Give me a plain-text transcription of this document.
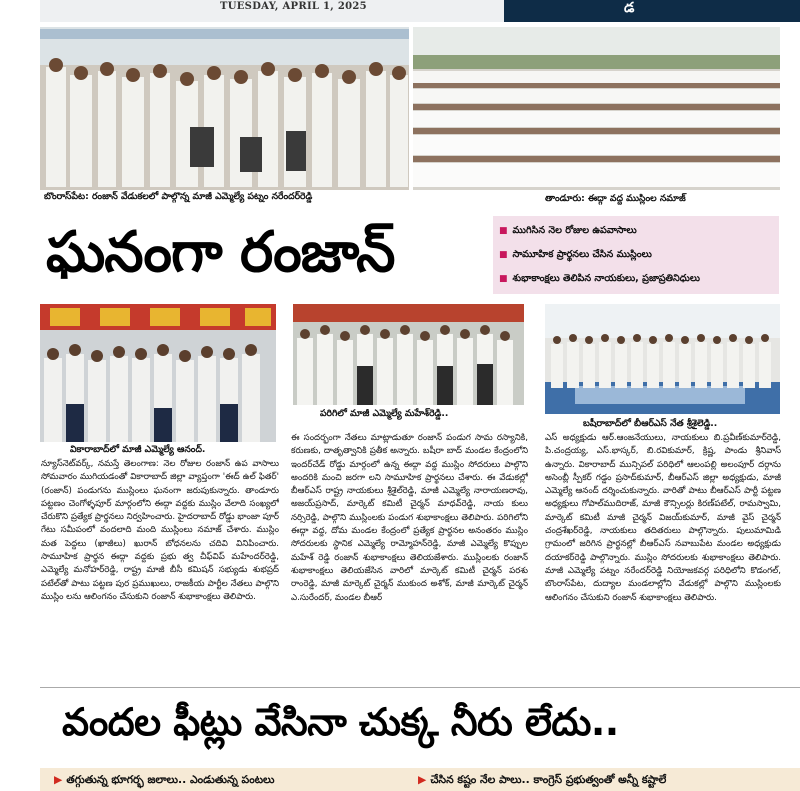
TUESDAY, APRIL 1, 2025	డ
బొంరాస్‌పేట: రంజాన్ వేడుకలలో పాల్గొన్న మాజీ ఎమ్మెల్యే పట్నం నరేందర్‌రెడ్డి	తాండూరు: ఈద్గా వద్ద ముస్లింల నమాజ్
ఘనంగా రంజాన్
■	ముగిసిన నెల రోజుల ఉపవాసాలు
■ సామూహిక ప్రార్థనలు చేసిన ముస్లింలు
■ శుభాకాంక్షలు తెలిపిన నాయకులు, ప్రజాప్రతినిధులు
వికారాబాద్‌లో మాజీ ఎమ్మెల్యే ఆనంద్.
పరిగిలో మాజీ ఎమ్మెల్యే మహేశ్‌రెడ్డి..
బషీరాబాద్‌లో బీఆర్‌ఎస్ నేత శ్రీశైలెడ్డి..
న్యూస్‌నెట్‌వర్క్, నమస్తే తెలంగాణ: నెల రోజుల రంజాన్ ఉప వాసాలు సోమవారం ముగియడంతో వికారాబాద్ జిల్లా వ్యాప్తంగా 'ఈద్ ఉల్ ఫితర్' (రంజాన్) పండుగను ముస్లింలు ఘనంగా జరుపుకున్నారు. తాండూరు పట్టణం చెంగోళ్ళపూర్ మార్గంలోని ఈద్గా వద్దకు ముస్లిం వేలాది సంఖ్యలో చేరుకొని ప్రత్యేక ప్రార్థనలు నిర్వహించారు. హైదరాబాద్ రోడ్డు భాంజా పూర్ గేటు సమీపంలో వందలాది మంది ముస్లింలు నమాజ్ చేశారు. ముస్లిం మత పెద్దలు (ఖాజీలు) ఖురాన్ బోధనలను చదివి వినిపించారు. సామూహిక ప్రార్థన ఈద్గా వద్దకు ప్రభు త్వ చీఫ్‌విప్ మహేందర్‌రెడ్డి, ఎమ్మెల్యే మనోహర్‌రెడ్డి, రాష్ట్ర మాజీ బీసీ కమిషన్ సభ్యుడు శుభప్రద్ పటేల్‌తో పాటు పట్టణ పుర ప్రముఖులు, రాజకీయ పార్టీల నేతలు పాల్గొని ముస్లిం లను ఆలింగనం చేసుకుని రంజాన్ శుభాకాంక్షలు తెలిపారు.
ఈ సందర్భంగా నేతలు మాట్లాడుతూ రంజాన్ పండుగ సామ రస్యానికి, కరుణకు, దాతృత్వానికి ప్రతీక అన్నారు. బషీరా బాద్ మండల కేంద్రంలోని ఇందర్‌చేడ్ రోడ్డు మార్గంలో ఉన్న ఈద్గా వద్ద ముస్లిం సోదరులు పాల్గొని అందరికి మంచి జరగా లని సామూహిక ప్రార్థనలు చేశారు. ఈ వేడుకల్లో బీఆర్‌ఎస్ రాష్ట్ర నాయకులు శ్రీశైల్‌రెడ్డి, మాజీ ఎమ్మెల్యే నారాయణరావు, అజయ్‌ప్రసాద్, మార్కెట్ కమిటీ చైర్మన్ మాధవ్‌రెడ్డి, నాయ కులు నర్సిరెడ్డి, పాల్గొని ముస్లింలకు పండుగ శుభాకాంక్షలు తెలిపారు. పరిగిలోని ఈద్గా వద్ద, దోమ మండల కేంద్రంలో ప్రత్యేక ప్రార్థనల అనంతరం ముస్లిం సోదరులకు స్థానిక ఎమ్మెల్యే రామ్మోహన్‌రెడ్డి, మాజీ ఎమ్మెల్యే కొప్పుల మహేశ్ రెడ్డి రంజాన్ శుభాకాంక్షలు తెలియజేశారు. ముస్లింలకు రంజాన్ శుభాకాంక్షలు తెలియజేసిన వారిలో మార్కెట్ కమిటీ చైర్మన్ పరశు రాంరెడ్డి, మాజీ మార్కెట్ చైర్మన్ ముకుంద అశోక్, మాజీ మార్కెట్ చైర్మన్ ఎ.సురేందర్, మండల బీఆర్
ఎస్ అధ్యక్షుడు ఆర్.ఆంజనేయులు, నాయకులు బి.ప్రవీణ్‌కుమార్‌రెడ్డి, పి.చంద్రయ్య, ఎస్.భాస్కర్, బి.రవికుమార్, క్రిష్ణ, పాండు శ్రీనివాస్ ఉన్నారు. వికారాబాద్ మున్సిపల్ పరిధిలో ఆలంపల్లి అలంపూర్ దర్గాను అసెంబ్లీ స్పీకర్ గడ్డం ప్రసాద్‌కుమార్, బీఆర్‌ఎస్ జిల్లా అధ్యక్షుడు, మాజీ ఎమ్మెల్యే ఆనంద్ దర్శించుకున్నారు. వారితో పాటు బీఆర్‌ఎస్ పార్టీ పట్టణ అధ్యక్షులు గోపాల్‌ముదిరాజ్, మాజీ కౌన్సిలర్లు కిరణ్‌పటేల్, రామస్వామి, మార్కెట్ కమిటీ మాజీ చైర్మన్ విజయ్‌కుమార్, మాజీ వైస్ చైర్మన్ చంద్రశేఖర్‌రెడ్డి, నాయకులు తదితరులు పాల్గొన్నారు. పులుమామిడి గ్రామంలో జరిగిన ప్రార్థనల్లో బీఆర్‌ఎస్ నవాబుపేట మండల అధ్యక్షుడు దయాకర్‌రెడ్డి పాల్గొన్నారు. ముస్లిం సోదరులకు శుభాకాంక్షలు తెలిపారు. మాజీ ఎమ్మెల్యే పట్నం నరేందర్‌రెడ్డి నియోజకవర్గ పరిధిలోని కొడంగల్, బొంరాస్‌పేట, దుద్యాల మండలాల్లోని వేడుకల్లో పాల్గొని ముస్లింలకు ఆలింగనం చేసుకుని రంజాన్ శుభాకాంక్షలు తెలిపారు.
వందల ఫీట్లు వేసినా చుక్క నీరు లేదు..
▶ తగ్గుతున్న భూగర్భ జలాలు.. ఎండుతున్న పంటలు	▶ చేసిన కష్టం నేల పాలు.. కాంగ్రెస్ ప్రభుత్వంతో అన్నీ కష్టాలే
